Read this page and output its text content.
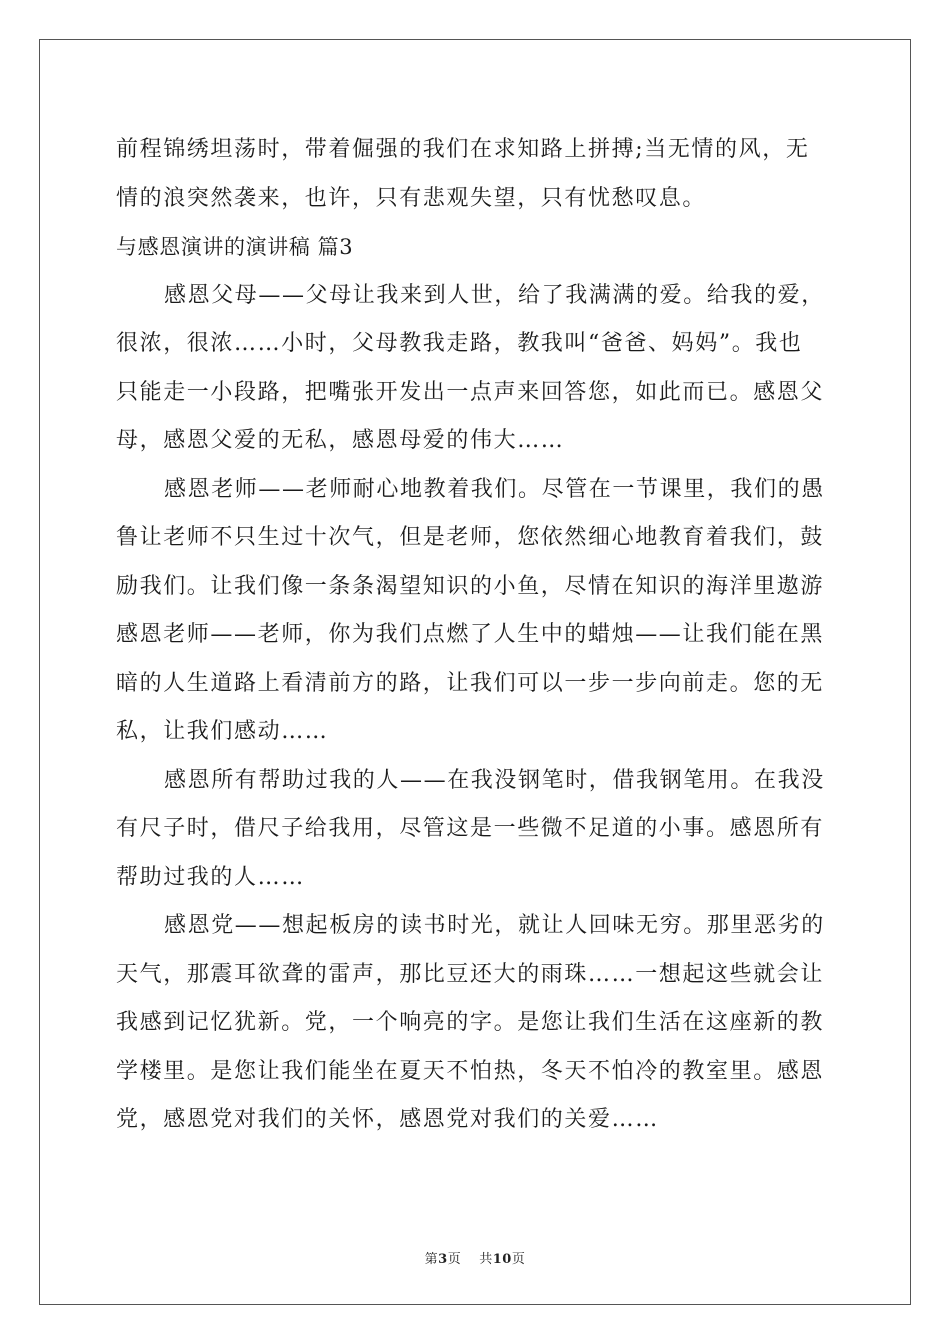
前程锦绣坦荡时，带着倔强的我们在求知路上拼搏;当无情的风，无
情的浪突然袭来，也许，只有悲观失望，只有忧愁叹息。
与感恩演讲的演讲稿 篇3
感恩父母——父母让我来到人世，给了我满满的爱。给我的爱，
很浓，很浓……小时，父母教我走路，教我叫“爸爸、妈妈”。我也
只能走一小段路，把嘴张开发出一点声来回答您，如此而已。感恩父
母，感恩父爱的无私，感恩母爱的伟大……
感恩老师——老师耐心地教着我们。尽管在一节课里，我们的愚
鲁让老师不只生过十次气，但是老师，您依然细心地教育着我们，鼓
励我们。让我们像一条条渴望知识的小鱼，尽情在知识的海洋里遨游
感恩老师——老师，你为我们点燃了人生中的蜡烛——让我们能在黑
暗的人生道路上看清前方的路，让我们可以一步一步向前走。您的无
私，让我们感动……
感恩所有帮助过我的人——在我没钢笔时，借我钢笔用。在我没
有尺子时，借尺子给我用，尽管这是一些微不足道的小事。感恩所有
帮助过我的人……
感恩党——想起板房的读书时光，就让人回味无穷。那里恶劣的
天气，那震耳欲聋的雷声，那比豆还大的雨珠……一想起这些就会让
我感到记忆犹新。党，一个响亮的字。是您让我们生活在这座新的教
学楼里。是您让我们能坐在夏天不怕热，冬天不怕冷的教室里。感恩
党，感恩党对我们的关怀，感恩党对我们的关爱……
第3页 共10页
